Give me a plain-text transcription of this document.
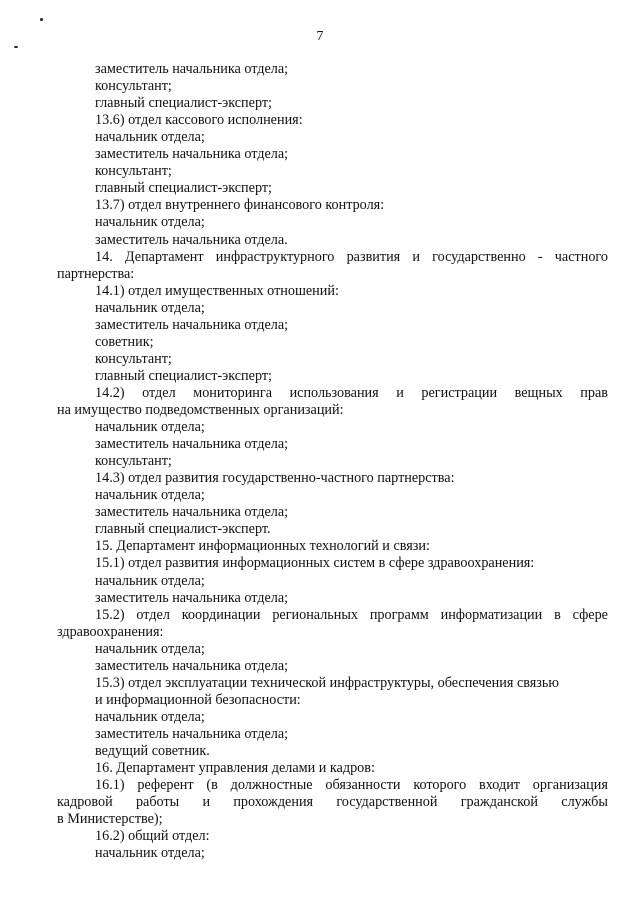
7
заместитель начальника отдела;
консультант;
главный специалист-эксперт;
13.6) отдел кассового исполнения:
начальник отдела;
заместитель начальника отдела;
консультант;
главный специалист-эксперт;
13.7) отдел внутреннего финансового контроля:
начальник отдела;
заместитель начальника отдела.
14. Департамент инфраструктурного развития и государственно - частного
партнерства:
14.1) отдел имущественных отношений:
начальник отдела;
заместитель начальника отдела;
советник;
консультант;
главный специалист-эксперт;
14.2) отдел мониторинга использования и регистрации вещных прав
на имущество подведомственных организаций:
начальник отдела;
заместитель начальника отдела;
консультант;
14.3) отдел развития государственно-частного партнерства:
начальник отдела;
заместитель начальника отдела;
главный специалист-эксперт.
15. Департамент информационных технологий и связи:
15.1) отдел развития информационных систем в сфере здравоохранения:
начальник отдела;
заместитель начальника отдела;
15.2) отдел координации региональных программ информатизации в сфере
здравоохранения:
начальник отдела;
заместитель начальника отдела;
15.3) отдел эксплуатации технической инфраструктуры, обеспечения связью
и информационной безопасности:
начальник отдела;
заместитель начальника отдела;
ведущий советник.
16. Департамент управления делами и кадров:
16.1) референт (в должностные обязанности которого входит организация
кадровой работы и прохождения государственной гражданской службы
в Министерстве);
16.2) общий отдел:
начальник отдела;
